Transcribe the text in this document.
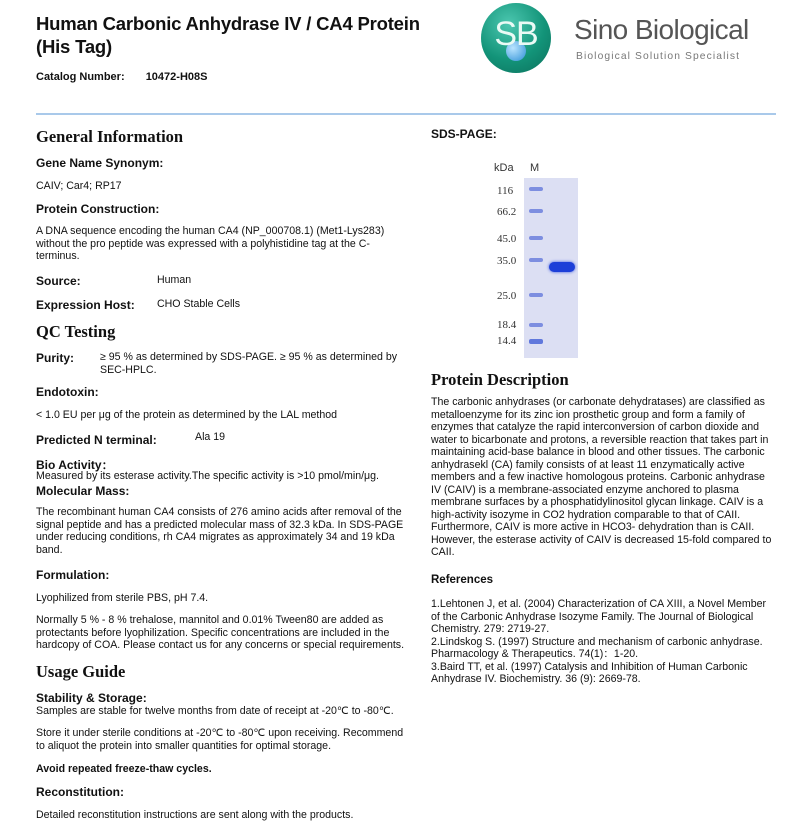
Human Carbonic Anhydrase IV / CA4 Protein
(His Tag)
Catalog Number: 10472-H08S
SB	Sino Biological
Biological Solution Specialist
General Information
Gene Name Synonym:
CAIV; Car4; RP17
Protein Construction:
A DNA sequence encoding the human CA4 (NP_000708.1) (Met1-Lys283) without the pro peptide was expressed with a polyhistidine tag at the C-terminus.
Source:	Human
Expression Host: CHO Stable Cells
QC Testing
Purity: ≥ 95 % as determined by SDS-PAGE. ≥ 95 % as determined by SEC-HPLC.
Endotoxin:
< 1.0 EU per μg of the protein as determined by the LAL method
Predicted N terminal:	Ala 19
Bio Activity：
Measured by its esterase activity.The specific activity is >10 pmol/min/μg.
Molecular Mass:
The recombinant human CA4 consists of 276 amino acids after removal of the signal peptide and has a predicted molecular mass of 32.3 kDa. In SDS-PAGE under reducing conditions, rh CA4 migrates as approximately 34 and 19 kDa band.
Formulation:
Lyophilized from sterile PBS, pH 7.4.
Normally 5 % - 8 % trehalose, mannitol and 0.01% Tween80 are added as protectants before lyophilization. Specific concentrations are included in the hardcopy of COA. Please contact us for any concerns or special requirements.
Usage Guide
Stability & Storage:
Samples are stable for twelve months from date of receipt at -20℃ to -80℃.
Store it under sterile conditions at -20℃ to -80℃ upon receiving. Recommend to aliquot the protein into smaller quantities for optimal storage.
Avoid repeated freeze-thaw cycles.
Reconstitution:
Detailed reconstitution instructions are sent along with the products.
SDS-PAGE:
kDa M
116
66.2
45.0
35.0
25.0
18.4
14.4
Protein Description
The carbonic anhydrases (or carbonate dehydratases) are classified as metalloenzyme for its zinc ion prosthetic group and form a family of enzymes that catalyze the rapid interconversion of carbon dioxide and water to bicarbonate and protons, a reversible reaction that takes part in maintaining acid-base balance in blood and other tissues. The carbonic anhydrasekl (CA) family consists of at least 11 enzymatically active members and a few inactive homologous proteins. Carbonic anhydrase IV (CAIV) is a membrane-associated enzyme anchored to plasma membrane surfaces by a phosphatidylinositol glycan linkage. CAIV is a high-activity isozyme in CO2 hydration comparable to that of CAII. Furthermore, CAIV is more active in HCO3- dehydration than is CAII. However, the esterase activity of CAIV is decreased 15-fold compared to CAII.
References
1.Lehtonen J, et al. (2004) Characterization of CA XIII, a Novel Member of the Carbonic Anhydrase Isozyme Family. The Journal of Biological Chemistry. 279: 2719-27.
2.Lindskog S. (1997) Structure and mechanism of carbonic anhydrase. Pharmacology & Therapeutics. 74(1)：1-20.
3.Baird TT, et al. (1997) Catalysis and Inhibition of Human Carbonic Anhydrase IV. Biochemistry. 36 (9): 2669-78.
